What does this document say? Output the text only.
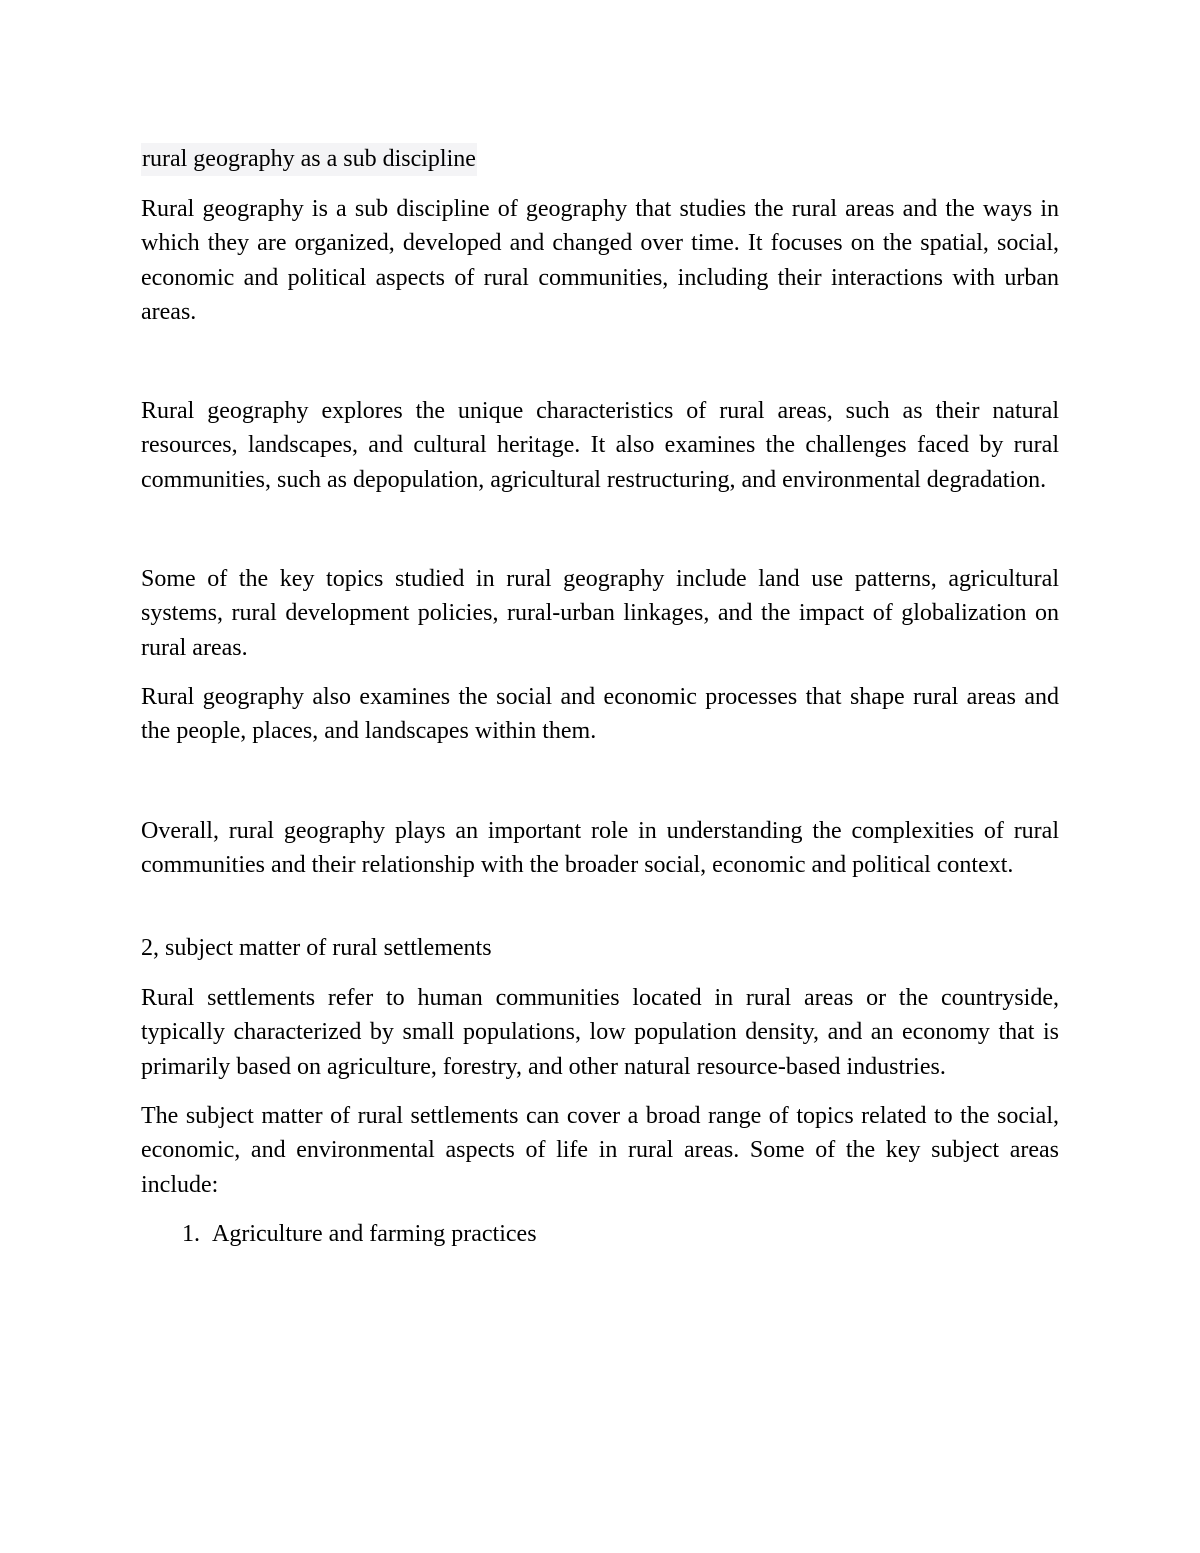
rural geography as a sub discipline

Rural geography is a sub discipline of geography that studies the rural areas and the ways in which they are organized, developed and changed over time. It focuses on the spatial, social, economic and political aspects of rural communities, including their interactions with urban areas.

Rural geography explores the unique characteristics of rural areas, such as their natural resources, landscapes, and cultural heritage. It also examines the challenges faced by rural communities, such as depopulation, agricultural restructuring, and environmental degradation.

Some of the key topics studied in rural geography include land use patterns, agricultural systems, rural development policies, rural-urban linkages, and the impact of globalization on rural areas.

Rural geography also examines the social and economic processes that shape rural areas and the people, places, and landscapes within them.

Overall, rural geography plays an important role in understanding the complexities of rural communities and their relationship with the broader social, economic and political context.

2, subject matter of rural settlements

Rural settlements refer to human communities located in rural areas or the countryside, typically characterized by small populations, low population density, and an economy that is primarily based on agriculture, forestry, and other natural resource-based industries.

The subject matter of rural settlements can cover a broad range of topics related to the social, economic, and environmental aspects of life in rural areas. Some of the key subject areas include:

1. Agriculture and farming practices
